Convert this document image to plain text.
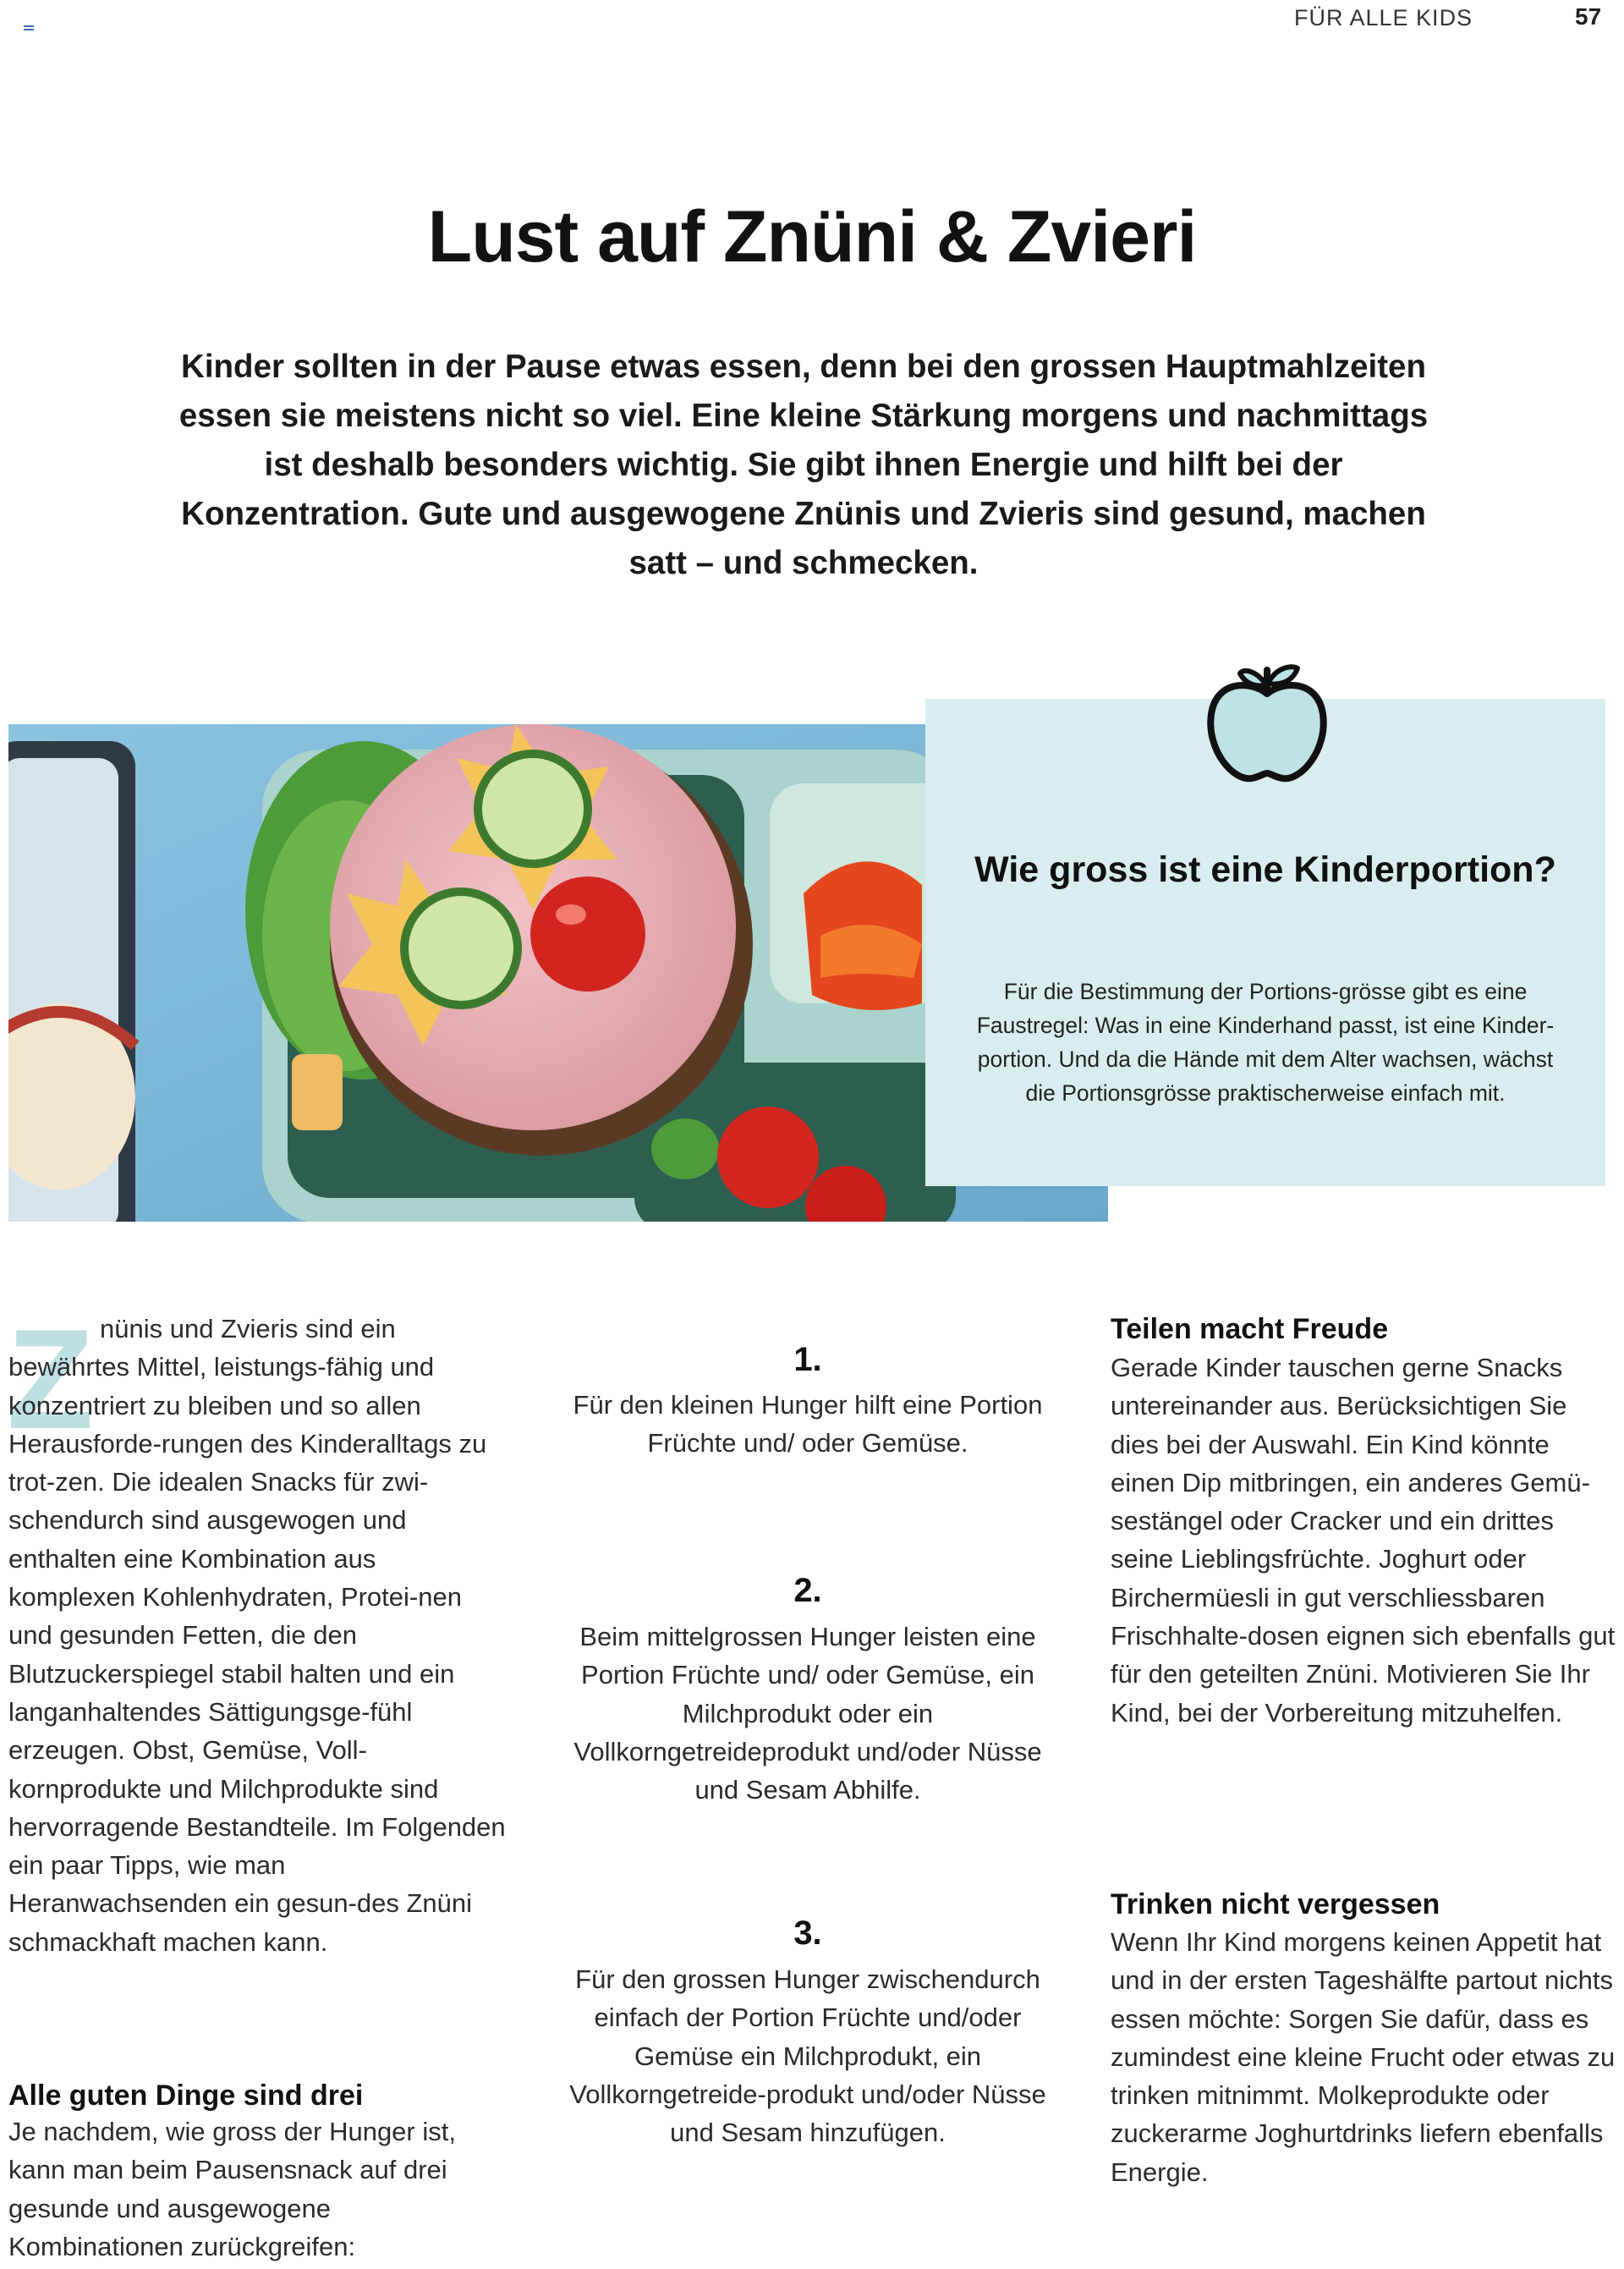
FÜR ALLE KIDS	57
Lust auf Znüni & Zvieri
Kinder sollten in der Pause etwas essen, denn bei den grossen Hauptmahlzeiten essen sie meistens nicht so viel. Eine kleine Stärkung morgens und nachmittags ist deshalb besonders wichtig. Sie gibt ihnen Energie und hilft bei der Konzentration. Gute und ausgewogene Znünis und Zvieris sind gesund, machen satt – und schmecken.
Wie gross ist eine Kinderportion?
Für die Bestimmung der Portions-grösse gibt es eine Faustregel: Was in eine Kinderhand passt, ist eine Kinder-portion. Und da die Hände mit dem Alter wachsen, wächst die Portionsgrösse praktischerweise einfach mit.
Z nünis und Zvieris sind ein bewährtes Mittel, leistungs-fähig und konzentriert zu bleiben und so allen Herausforde-rungen des Kinderalltags zu trot-zen. Die idealen Snacks für zwi-schendurch sind ausgewogen und enthalten eine Kombination aus komplexen Kohlenhydraten, Protei-nen und gesunden Fetten, die den Blutzuckerspiegel stabil halten und ein langanhaltendes Sättigungsge-fühl erzeugen. Obst, Gemüse, Voll-kornprodukte und Milchprodukte sind hervorragende Bestandteile. Im Folgenden ein paar Tipps, wie man Heranwachsenden ein gesun-des Znüni schmackhaft machen kann.
Alle guten Dinge sind drei
Je nachdem, wie gross der Hunger ist, kann man beim Pausensnack auf drei gesunde und ausgewogene Kombinationen zurückgreifen:
1.
Für den kleinen Hunger hilft eine Portion Früchte und/ oder Gemüse.
2.
Beim mittelgrossen Hunger leisten eine Portion Früchte und/ oder Gemüse, ein Milchprodukt oder ein Vollkorngetreideprodukt und/oder Nüsse und Sesam Abhilfe.
3.
Für den grossen Hunger zwischendurch einfach der Portion Früchte und/oder Gemüse ein Milchprodukt, ein Vollkorngetreide-produkt und/oder Nüsse und Sesam hinzufügen.
Teilen macht Freude
Gerade Kinder tauschen gerne Snacks untereinander aus. Berücksichtigen Sie dies bei der Auswahl. Ein Kind könnte einen Dip mitbringen, ein anderes Gemü-sestängel oder Cracker und ein drittes seine Lieblingsfrüchte. Joghurt oder Birchermüesli in gut verschliessbaren Frischhalte-dosen eignen sich ebenfalls gut für den geteilten Znüni. Motivieren Sie Ihr Kind, bei der Vorbereitung mitzuhelfen.
Trinken nicht vergessen
Wenn Ihr Kind morgens keinen Appetit hat und in der ersten Tageshälfte partout nichts essen möchte: Sorgen Sie dafür, dass es zumindest eine kleine Frucht oder etwas zu trinken mitnimmt. Molkeprodukte oder zuckerarme Joghurtdrinks liefern ebenfalls Energie.
